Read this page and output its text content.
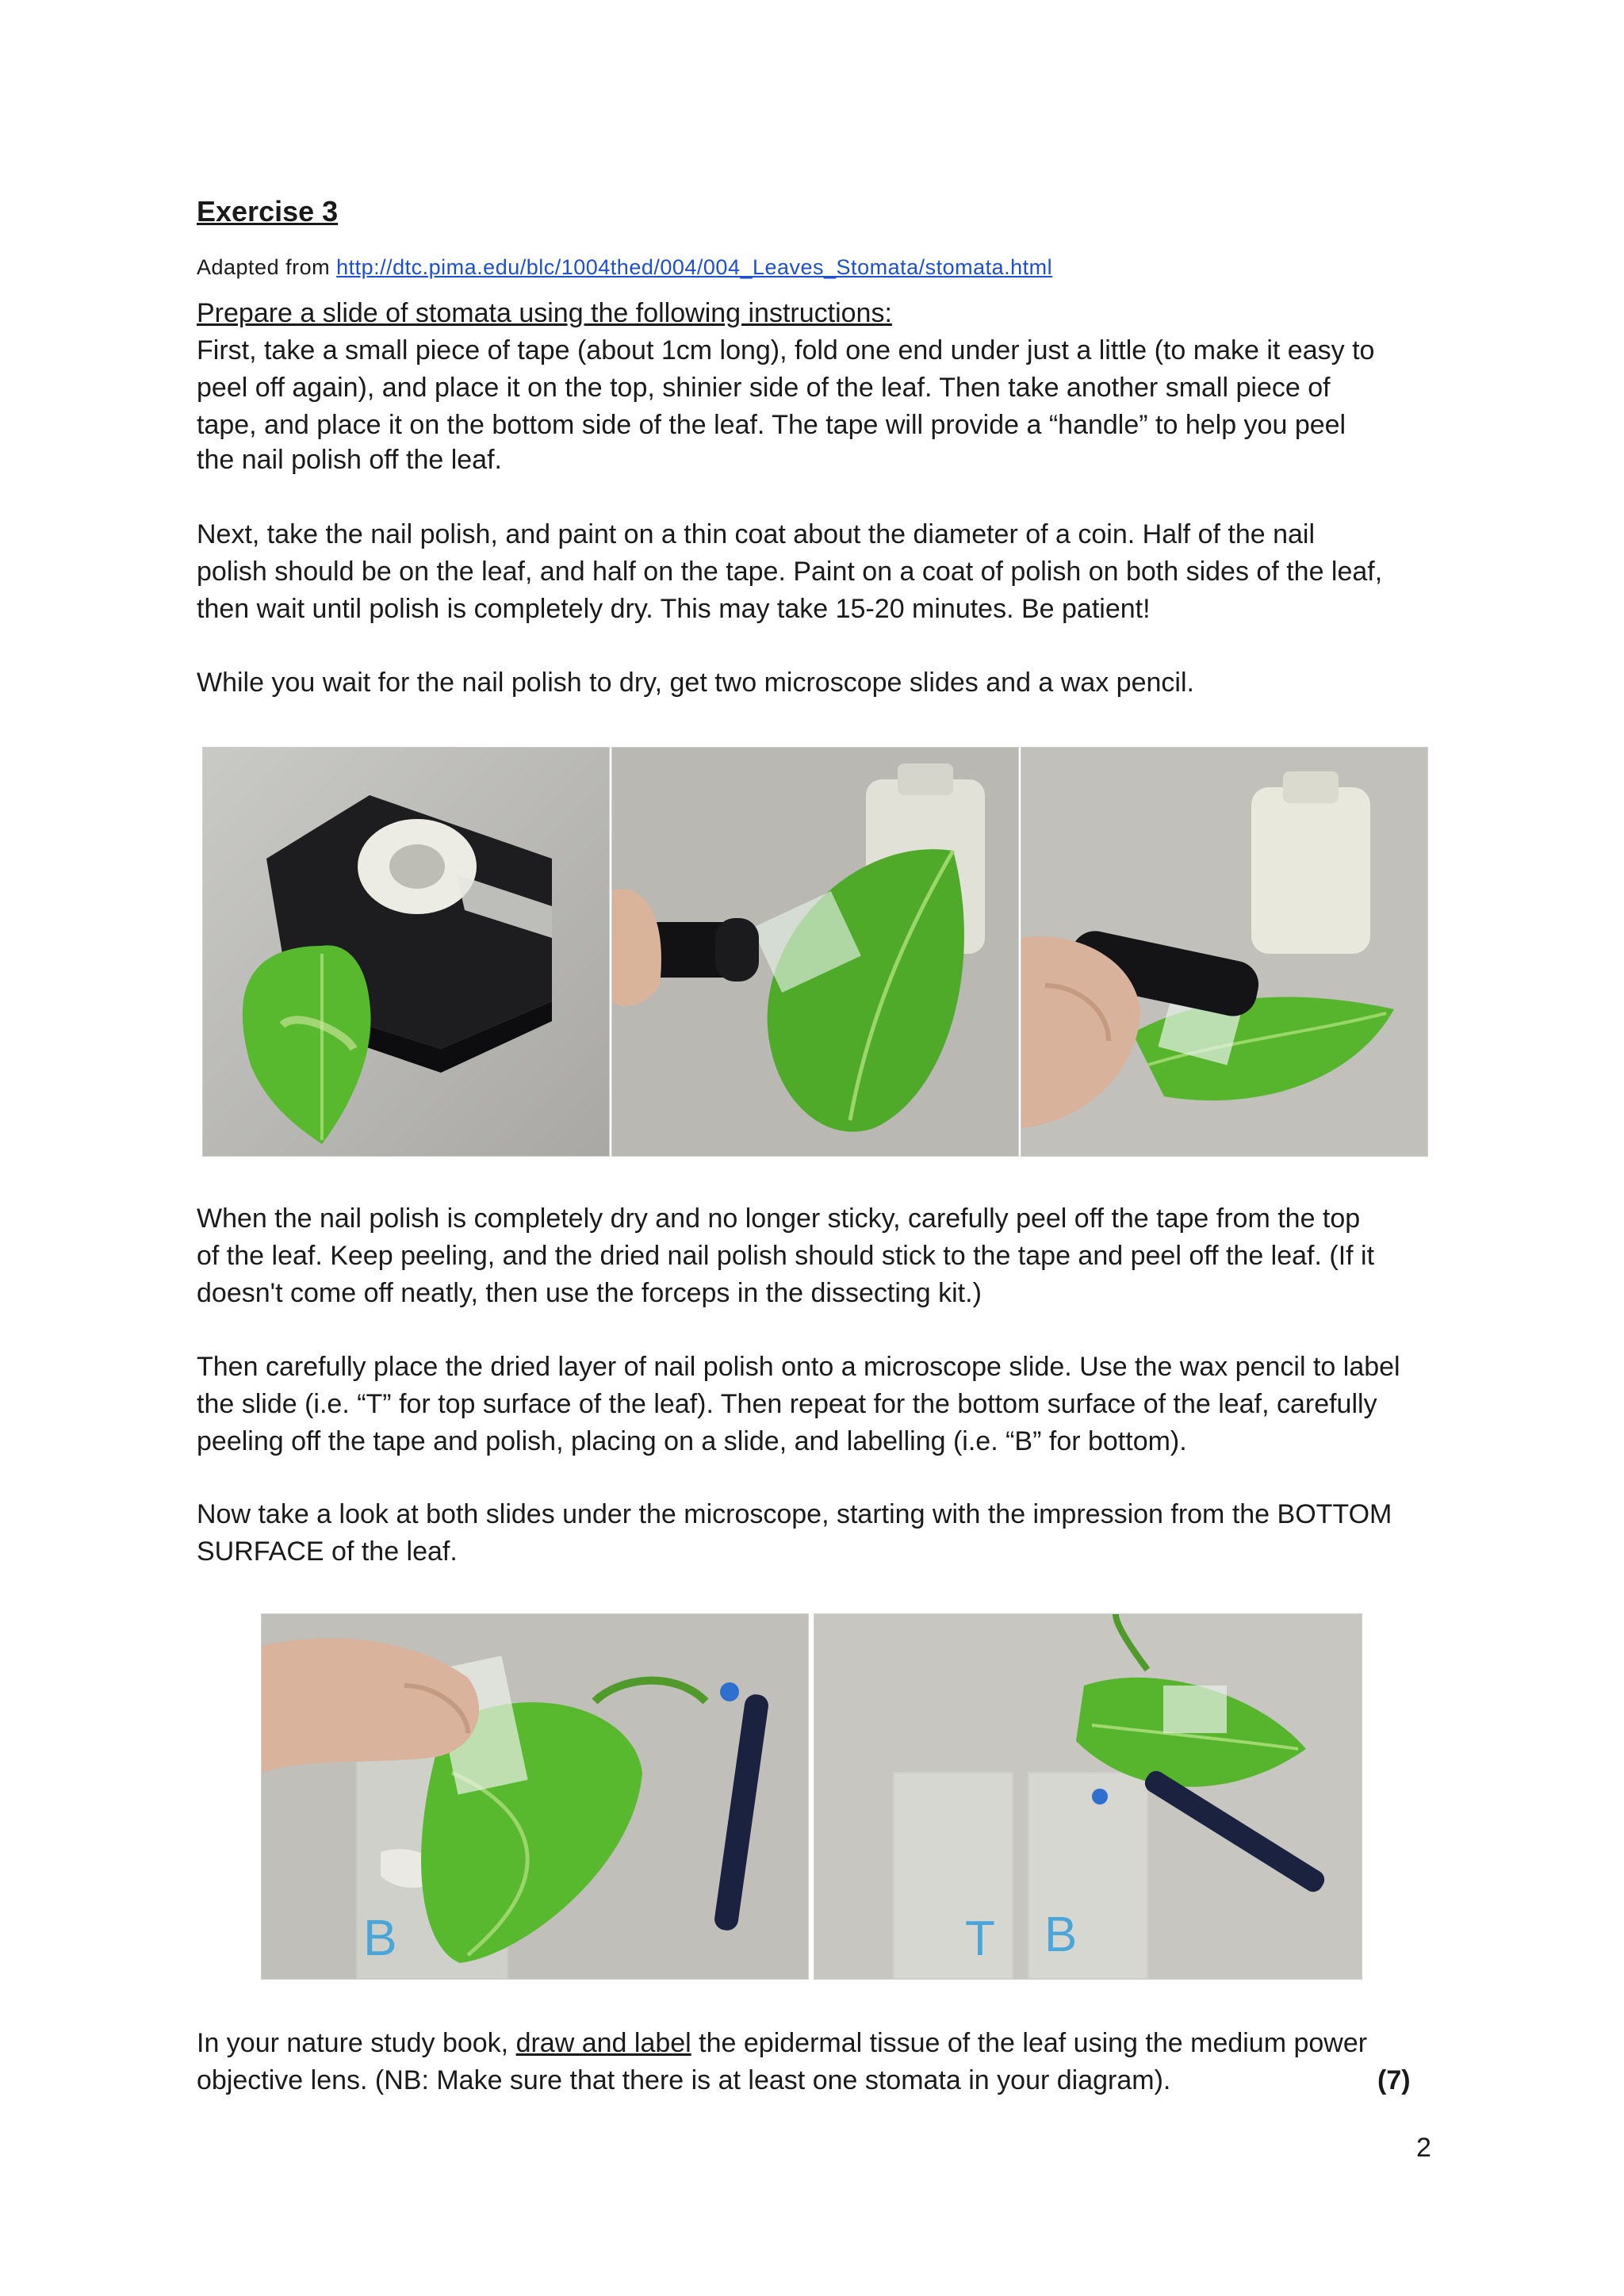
Exercise 3
Adapted from http://dtc.pima.edu/blc/1004thed/004/004_Leaves_Stomata/stomata.html
Prepare a slide of stomata using the following instructions:
First, take a small piece of tape (about 1cm long), fold one end under just a little (to make it easy to
peel off again), and place it on the top, shinier side of the leaf. Then take another small piece of
tape, and place it on the bottom side of the leaf. The tape will provide a “handle” to help you peel
the nail polish off the leaf.
Next, take the nail polish, and paint on a thin coat about the diameter of a coin. Half of the nail
polish should be on the leaf, and half on the tape. Paint on a coat of polish on both sides of the leaf,
then wait until polish is completely dry. This may take 15-20 minutes. Be patient!
While you wait for the nail polish to dry, get two microscope slides and a wax pencil.
When the nail polish is completely dry and no longer sticky, carefully peel off the tape from the top
of the leaf. Keep peeling, and the dried nail polish should stick to the tape and peel off the leaf. (If it
doesn't come off neatly, then use the forceps in the dissecting kit.)
Then carefully place the dried layer of nail polish onto a microscope slide. Use the wax pencil to label
the slide (i.e. “T” for top surface of the leaf). Then repeat for the bottom surface of the leaf, carefully
peeling off the tape and polish, placing on a slide, and labelling (i.e. “B” for bottom).
Now take a look at both slides under the microscope, starting with the impression from the BOTTOM
SURFACE of the leaf.
B	T B
In your nature study book, draw and label the epidermal tissue of the leaf using the medium power
objective lens. (NB: Make sure that there is at least one stomata in your diagram).	(7)
2
